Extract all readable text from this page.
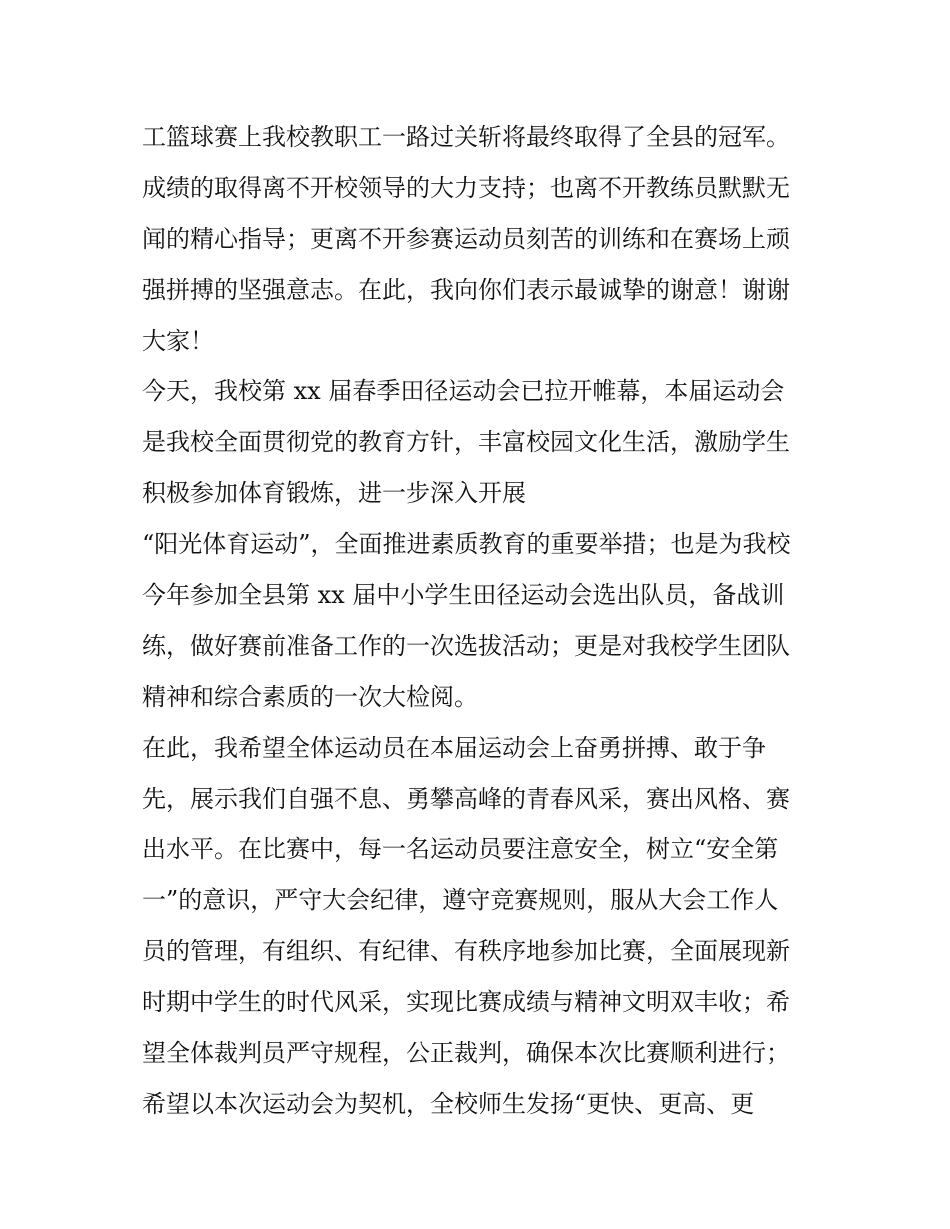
工篮球赛上我校教职工一路过关斩将最终取得了全县的冠军。
成绩的取得离不开校领导的大力支持；也离不开教练员默默无
闻的精心指导；更离不开参赛运动员刻苦的训练和在赛场上顽
强拼搏的坚强意志。在此，我向你们表示最诚挚的谢意！谢谢
大家！
今天，我校第 xx 届春季田径运动会已拉开帷幕，本届运动会
是我校全面贯彻党的教育方针，丰富校园文化生活，激励学生
积极参加体育锻炼，进一步深入开展
“阳光体育运动”，全面推进素质教育的重要举措；也是为我校
今年参加全县第 xx 届中小学生田径运动会选出队员，备战训
练，做好赛前准备工作的一次选拔活动；更是对我校学生团队
精神和综合素质的一次大检阅。
在此，我希望全体运动员在本届运动会上奋勇拼搏、敢于争
先，展示我们自强不息、勇攀高峰的青春风采，赛出风格、赛
出水平。在比赛中，每一名运动员要注意安全，树立“安全第
一”的意识，严守大会纪律，遵守竞赛规则，服从大会工作人
员的管理，有组织、有纪律、有秩序地参加比赛，全面展现新
时期中学生的时代风采，实现比赛成绩与精神文明双丰收；希
望全体裁判员严守规程，公正裁判，确保本次比赛顺利进行；
希望以本次运动会为契机，全校师生发扬“更快、更高、更
